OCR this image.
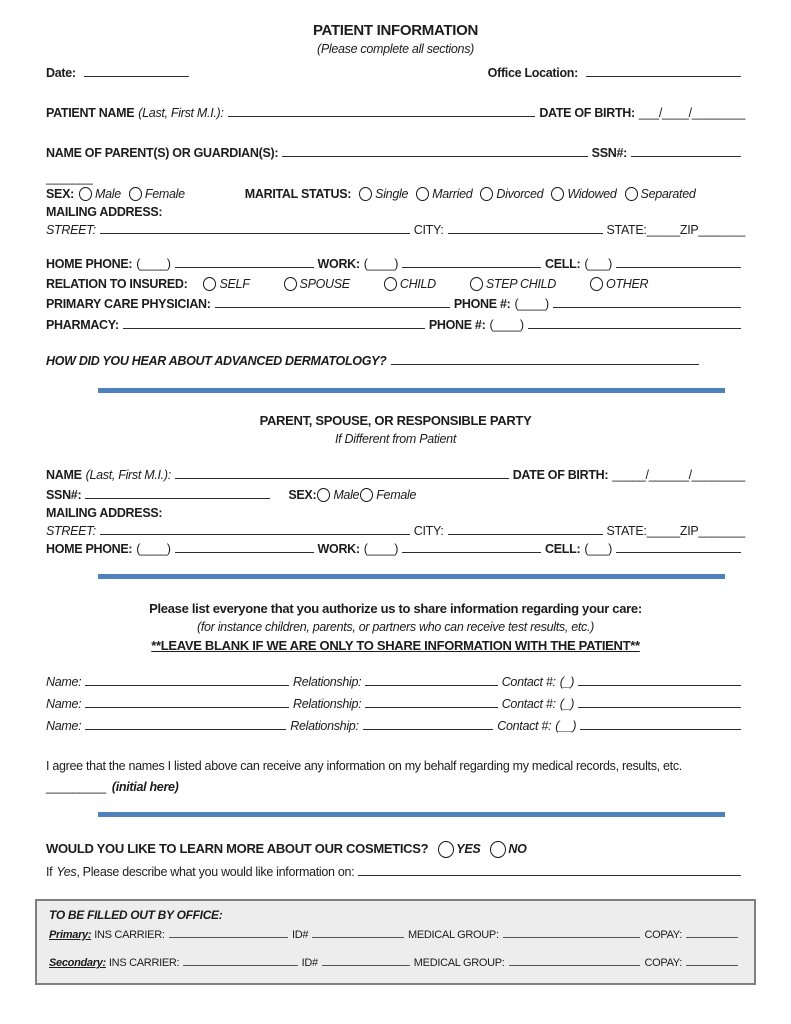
PATIENT INFORMATION
(Please complete all sections)
Date:	Office Location:
PATIENT NAME (Last, First M.I.):	DATE OF BIRTH: ___/____/________
NAME OF PARENT(S) OR GUARDIAN(S):	SSN#:
_______
SEX: Male Female	MARITAL STATUS: Single Married Divorced Widowed Separated
MAILING ADDRESS:
STREET:	CITY:	STATE: _____ ZIP _______
HOME PHONE: (____)	WORK: (____)	CELL: (___)
RELATION TO INSURED:	SELF	SPOUSE	CHILD	STEP CHILD	OTHER
PRIMARY CARE PHYSICIAN:	PHONE #: (____)
PHARMACY:	PHONE #: (____)
HOW DID YOU HEAR ABOUT ADVANCED DERMATOLOGY?
PARENT, SPOUSE, OR RESPONSIBLE PARTY
If Different from Patient
NAME (Last, First M.I.):	DATE OF BIRTH: _____/______/________
SSN#:	SEX: Male Female
MAILING ADDRESS:
STREET:	CITY:	STATE: _____ ZIP _______
HOME PHONE: (____)	WORK: (____)	CELL: (___)
Please list everyone that you authorize us to share information regarding your care:
(for instance children, parents, or partners who can receive test results, etc.)
**LEAVE BLANK IF WE ARE ONLY TO SHARE INFORMATION WITH THE PATIENT**
Name:	Relationship:	Contact #: (_)
Name:	Relationship:	Contact #: (_)
Name:	Relationship:	Contact #: (__)
I agree that the names I listed above can receive any information on my behalf regarding my medical records, results, etc.
_________ (initial here)
WOULD YOU LIKE TO LEARN MORE ABOUT OUR COSMETICS? YES NO
If Yes , Please describe what you would like information on:
TO BE FILLED OUT BY OFFICE:
Primary: INS CARRIER:	ID#	MEDICAL GROUP:	COPAY:
Secondary: INS CARRIER:	ID#	MEDICAL GROUP:	COPAY:
